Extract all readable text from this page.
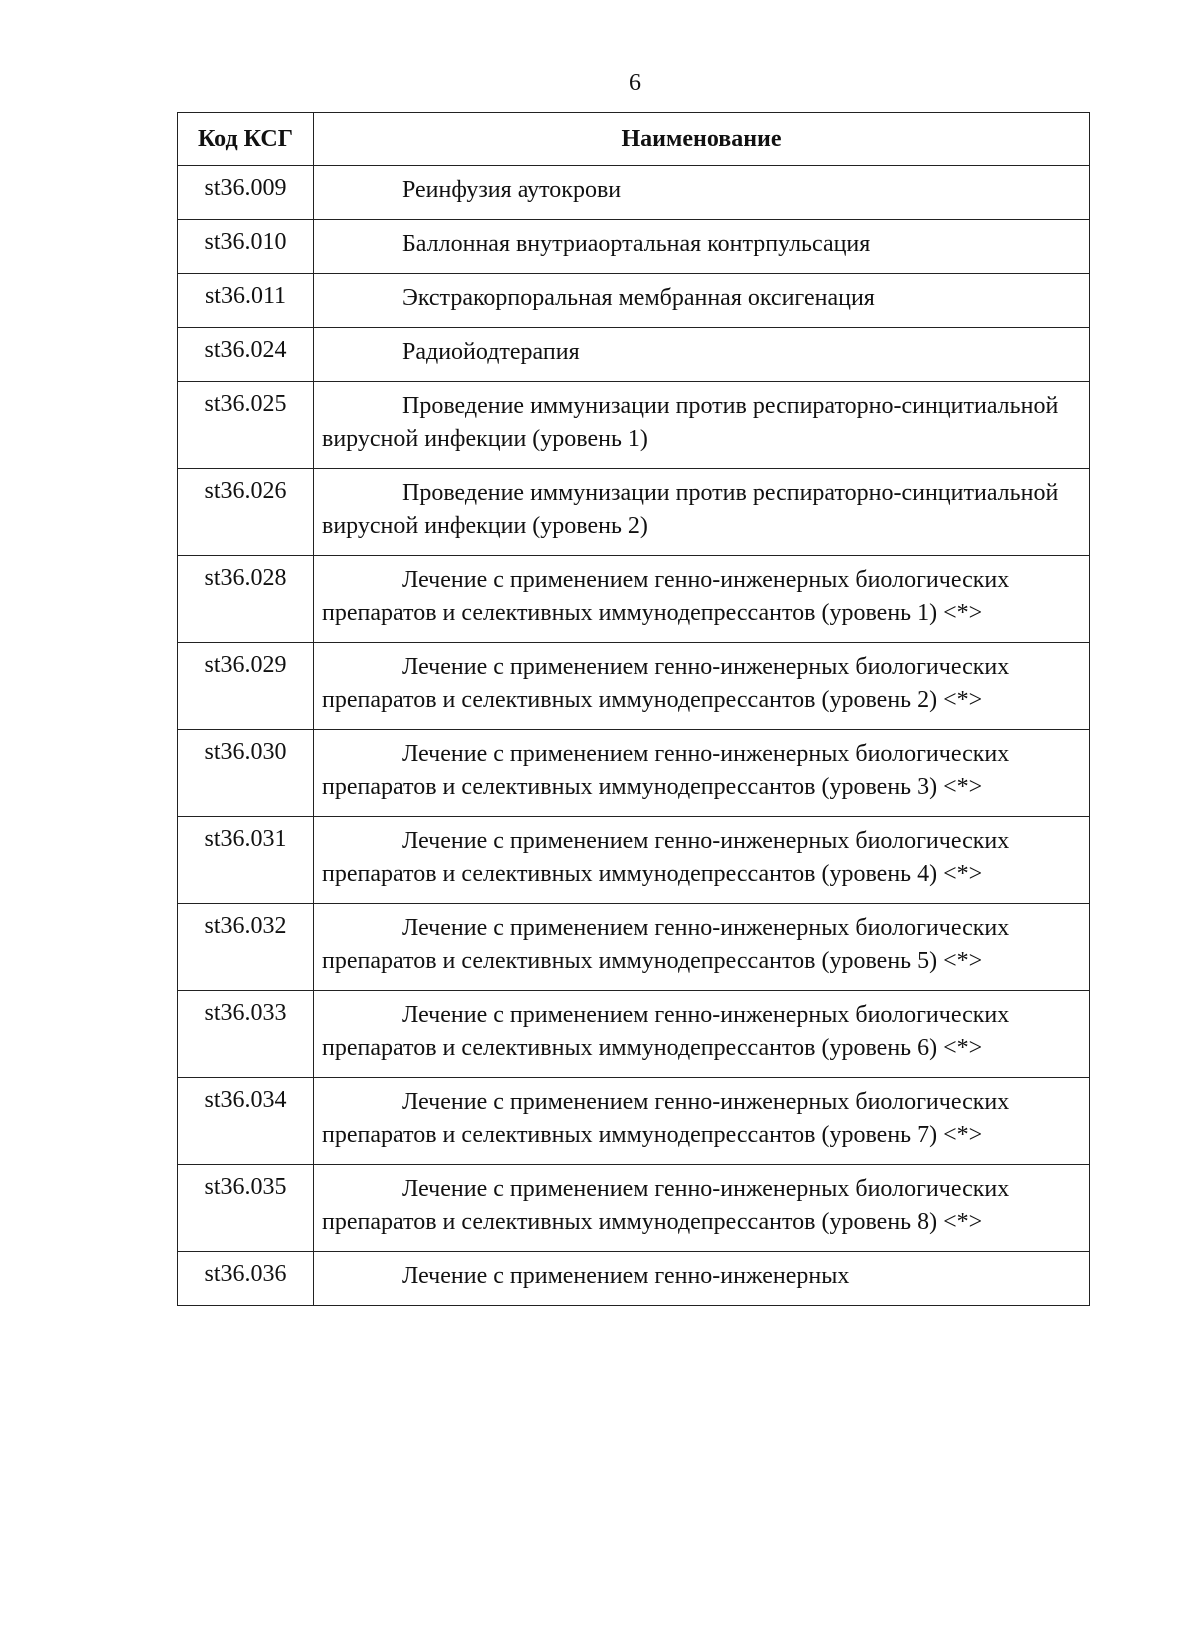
6
Код КСГ	Наименование
st36.009	Реинфузия аутокрови
st36.010	Баллонная внутриаортальная контрпульсация
st36.011	Экстракорпоральная мембранная оксигенация
st36.024	Радиойодтерапия
st36.025	Проведение иммунизации против респираторно-синцитиальной вирусной инфекции (уровень 1)
st36.026	Проведение иммунизации против респираторно-синцитиальной вирусной инфекции (уровень 2)
st36.028	Лечение с применением генно-инженерных биологических препаратов и селективных иммунодепрессантов (уровень 1) <*>
st36.029	Лечение с применением генно-инженерных биологических препаратов и селективных иммунодепрессантов (уровень 2) <*>
st36.030	Лечение с применением генно-инженерных биологических препаратов и селективных иммунодепрессантов (уровень 3) <*>
st36.031	Лечение с применением генно-инженерных биологических препаратов и селективных иммунодепрессантов (уровень 4) <*>
st36.032	Лечение с применением генно-инженерных биологических препаратов и селективных иммунодепрессантов (уровень 5) <*>
st36.033	Лечение с применением генно-инженерных биологических препаратов и селективных иммунодепрессантов (уровень 6) <*>
st36.034	Лечение с применением генно-инженерных биологических препаратов и селективных иммунодепрессантов (уровень 7) <*>
st36.035	Лечение с применением генно-инженерных биологических препаратов и селективных иммунодепрессантов (уровень 8) <*>
st36.036	Лечение с применением генно-инженерных
